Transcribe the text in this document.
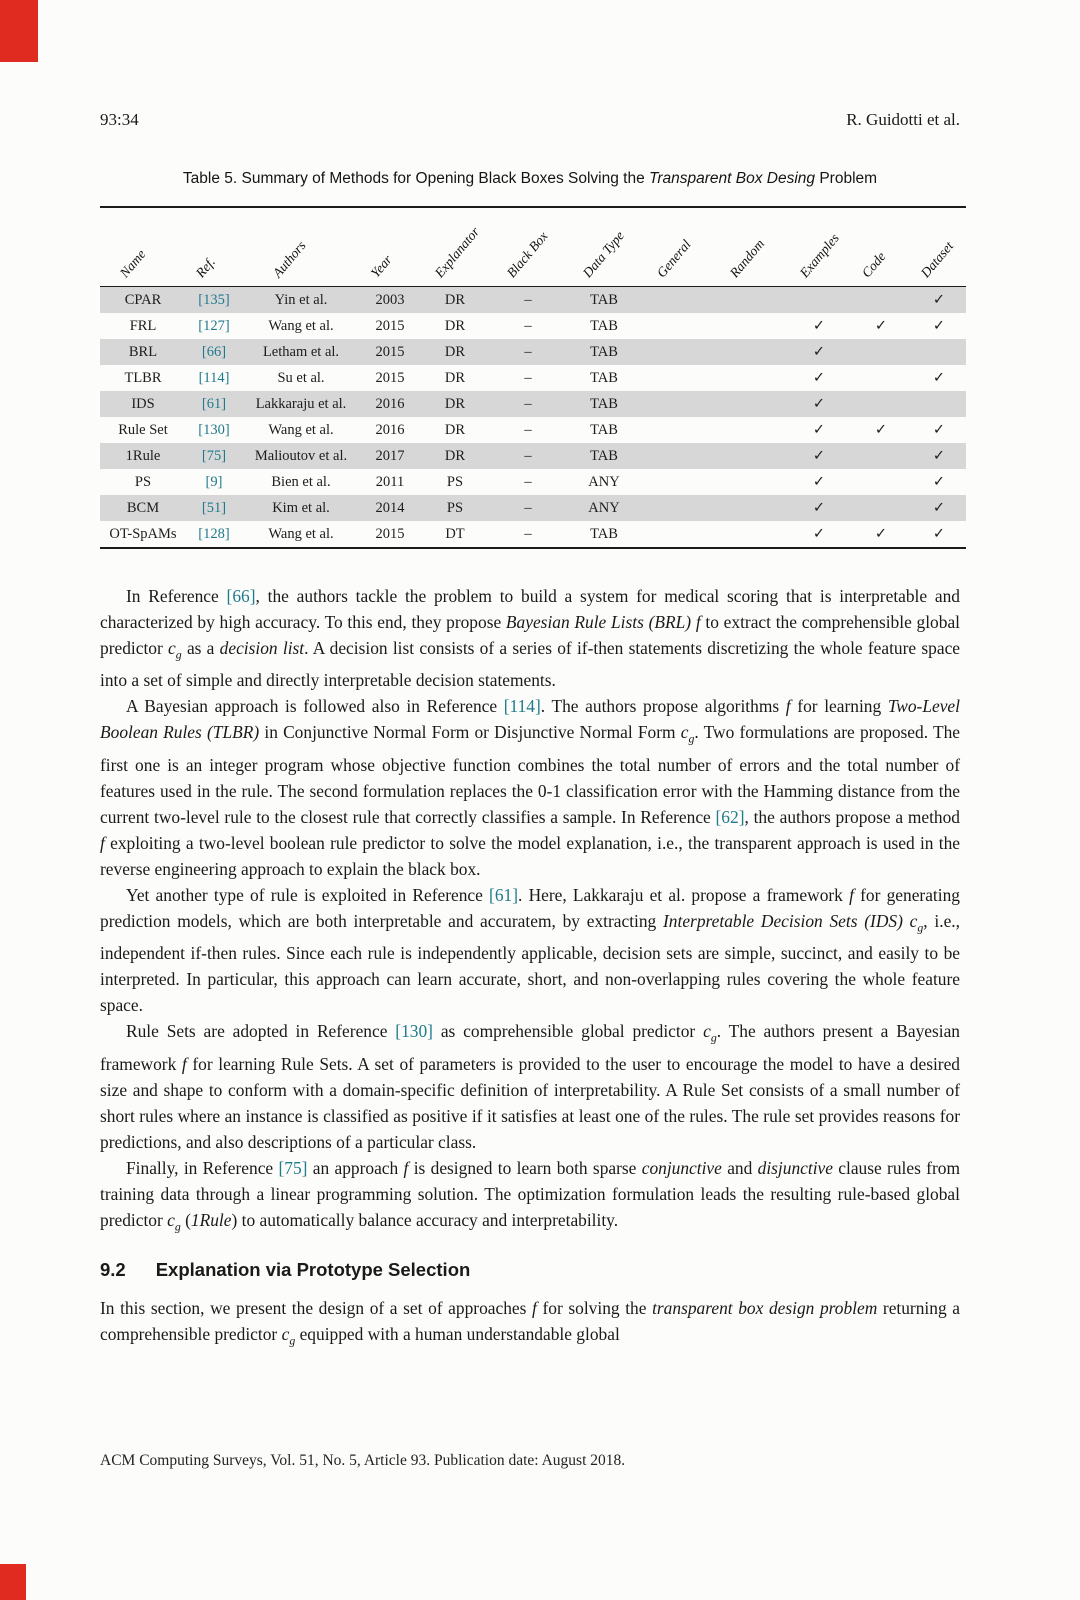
93:34	R. Guidotti et al.
Table 5. Summary of Methods for Opening Black Boxes Solving the Transparent Box Desing Problem
Name	Ref.	Authors	Year	Explanator	Black Box	Data Type	General	Random	Examples	Code	Dataset

CPAR	[135]	Yin et al.	2003	DR	–	TAB					✓
FRL	[127]	Wang et al.	2015	DR	–	TAB			✓	✓	✓
BRL	[66]	Letham et al.	2015	DR	–	TAB			✓		
TLBR	[114]	Su et al.	2015	DR	–	TAB			✓		✓
IDS	[61]	Lakkaraju et al.	2016	DR	–	TAB			✓		
Rule Set	[130]	Wang et al.	2016	DR	–	TAB			✓	✓	✓
1Rule	[75]	Malioutov et al.	2017	DR	–	TAB			✓		✓
PS	[9]	Bien et al.	2011	PS	–	ANY			✓		✓
BCM	[51]	Kim et al.	2014	PS	–	ANY			✓		✓
OT-SpAMs	[128]	Wang et al.	2015	DT	–	TAB			✓	✓	✓

In Reference [66], the authors tackle the problem to build a system for medical scoring that is interpretable and characterized by high accuracy. To this end, they propose Bayesian Rule Lists (BRL) f to extract the comprehensible global predictor $c_g$ as a decision list. A decision list consists of a series of if-then statements discretizing the whole feature space into a set of simple and directly interpretable decision statements.

A Bayesian approach is followed also in Reference [114]. The authors propose algorithms f for learning Two-Level Boolean Rules (TLBR) in Conjunctive Normal Form or Disjunctive Normal Form $c_g$. Two formulations are proposed. The first one is an integer program whose objective function combines the total number of errors and the total number of features used in the rule. The second formulation replaces the 0-1 classification error with the Hamming distance from the current two-level rule to the closest rule that correctly classifies a sample. In Reference [62], the authors propose a method f exploiting a two-level boolean rule predictor to solve the model explanation, i.e., the transparent approach is used in the reverse engineering approach to explain the black box.

Yet another type of rule is exploited in Reference [61]. Here, Lakkaraju et al. propose a framework f for generating prediction models, which are both interpretable and accuratem, by extracting Interpretable Decision Sets (IDS) $c_g$, i.e., independent if-then rules. Since each rule is independently applicable, decision sets are simple, succinct, and easily to be interpreted. In particular, this approach can learn accurate, short, and non-overlapping rules covering the whole feature space.

Rule Sets are adopted in Reference [130] as comprehensible global predictor $c_g$. The authors present a Bayesian framework f for learning Rule Sets. A set of parameters is provided to the user to encourage the model to have a desired size and shape to conform with a domain-specific definition of interpretability. A Rule Set consists of a small number of short rules where an instance is classified as positive if it satisfies at least one of the rules. The rule set provides reasons for predictions, and also descriptions of a particular class.

Finally, in Reference [75] an approach f is designed to learn both sparse conjunctive and disjunctive clause rules from training data through a linear programming solution. The optimization formulation leads the resulting rule-based global predictor $c_g$ (1Rule) to automatically balance accuracy and interpretability.

9.2 Explanation via Prototype Selection

In this section, we present the design of a set of approaches f for solving the transparent box design problem returning a comprehensible predictor $c_g$ equipped with a human understandable global

ACM Computing Surveys, Vol. 51, No. 5, Article 93. Publication date: August 2018.
